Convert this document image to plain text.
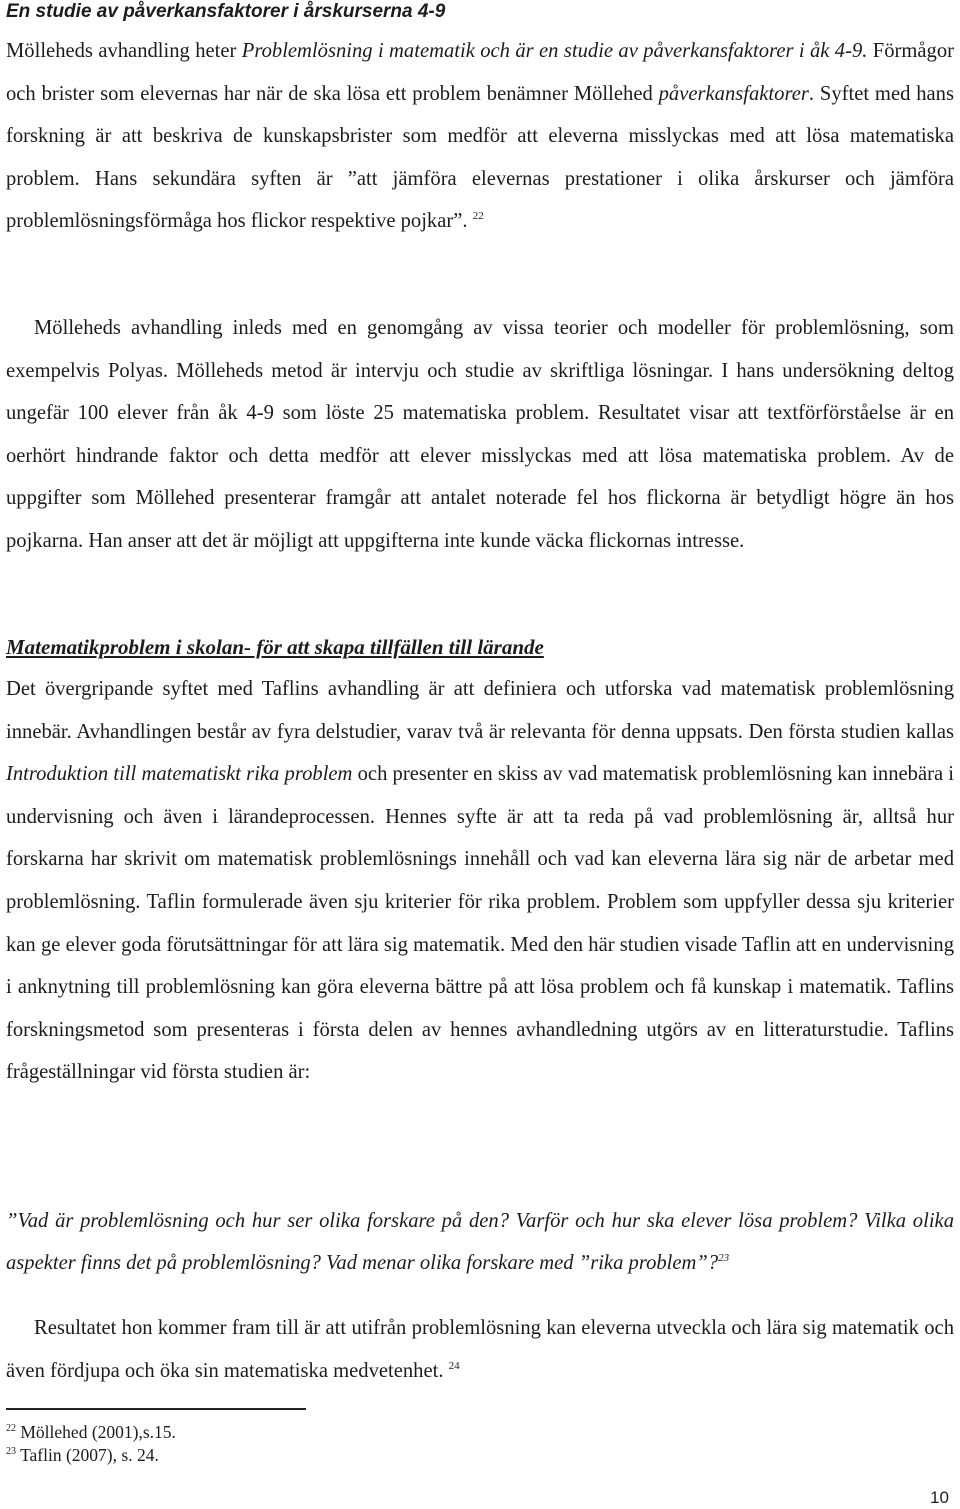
En studie av påverkansfaktorer i årskurserna 4-9

Mölleheds avhandling heter Problemlösning i matematik och är en studie av påverkansfaktorer i åk 4-9. Förmågor och brister som elevernas har när de ska lösa ett problem benämner Möllehed påverkansfaktorer. Syftet med hans forskning är att beskriva de kunskapsbrister som medför att eleverna misslyckas med att lösa matematiska problem. Hans sekundära syften är ”att jämföra elevernas prestationer i olika årskurser och jämföra problemlösningsförmåga hos flickor respektive pojkar”. $^{22}$

Mölleheds avhandling inleds med en genomgång av vissa teorier och modeller för problemlösning, som exempelvis Polyas. Mölleheds metod är intervju och studie av skriftliga lösningar. I hans undersökning deltog ungefär 100 elever från åk 4-9 som löste 25 matematiska problem. Resultatet visar att textförförståelse är en oerhört hindrande faktor och detta medför att elever misslyckas med att lösa matematiska problem. Av de uppgifter som Möllehed presenterar framgår att antalet noterade fel hos flickorna är betydligt högre än hos pojkarna. Han anser att det är möjligt att uppgifterna inte kunde väcka flickornas intresse.

Matematikproblem i skolan- för att skapa tillfällen till lärande

Det övergripande syftet med Taflins avhandling är att definiera och utforska vad matematisk problemlösning innebär. Avhandlingen består av fyra delstudier, varav två är relevanta för denna uppsats. Den första studien kallas Introduktion till matematiskt rika problem och presenter en skiss av vad matematisk problemlösning kan innebära i undervisning och även i lärandeprocessen. Hennes syfte är att ta reda på vad problemlösning är, alltså hur forskarna har skrivit om matematisk problemlösnings innehåll och vad kan eleverna lära sig när de arbetar med problemlösning. Taflin formulerade även sju kriterier för rika problem. Problem som uppfyller dessa sju kriterier kan ge elever goda förutsättningar för att lära sig matematik. Med den här studien visade Taflin att en undervisning i anknytning till problemlösning kan göra eleverna bättre på att lösa problem och få kunskap i matematik. Taflins forskningsmetod som presenteras i första delen av hennes avhandledning utgörs av en litteraturstudie. Taflins frågeställningar vid första studien är:

”Vad är problemlösning och hur ser olika forskare på den? Varför och hur ska elever lösa problem? Vilka olika aspekter finns det på problemlösning? Vad menar olika forskare med ”rika problem”?$^{23}$

Resultatet hon kommer fram till är att utifrån problemlösning kan eleverna utveckla och lära sig matematik och även fördjupa och öka sin matematiska medvetenhet. $^{24}$

$^{22}$ Möllehed (2001),s.15.
$^{23}$ Taflin (2007), s. 24.
10
